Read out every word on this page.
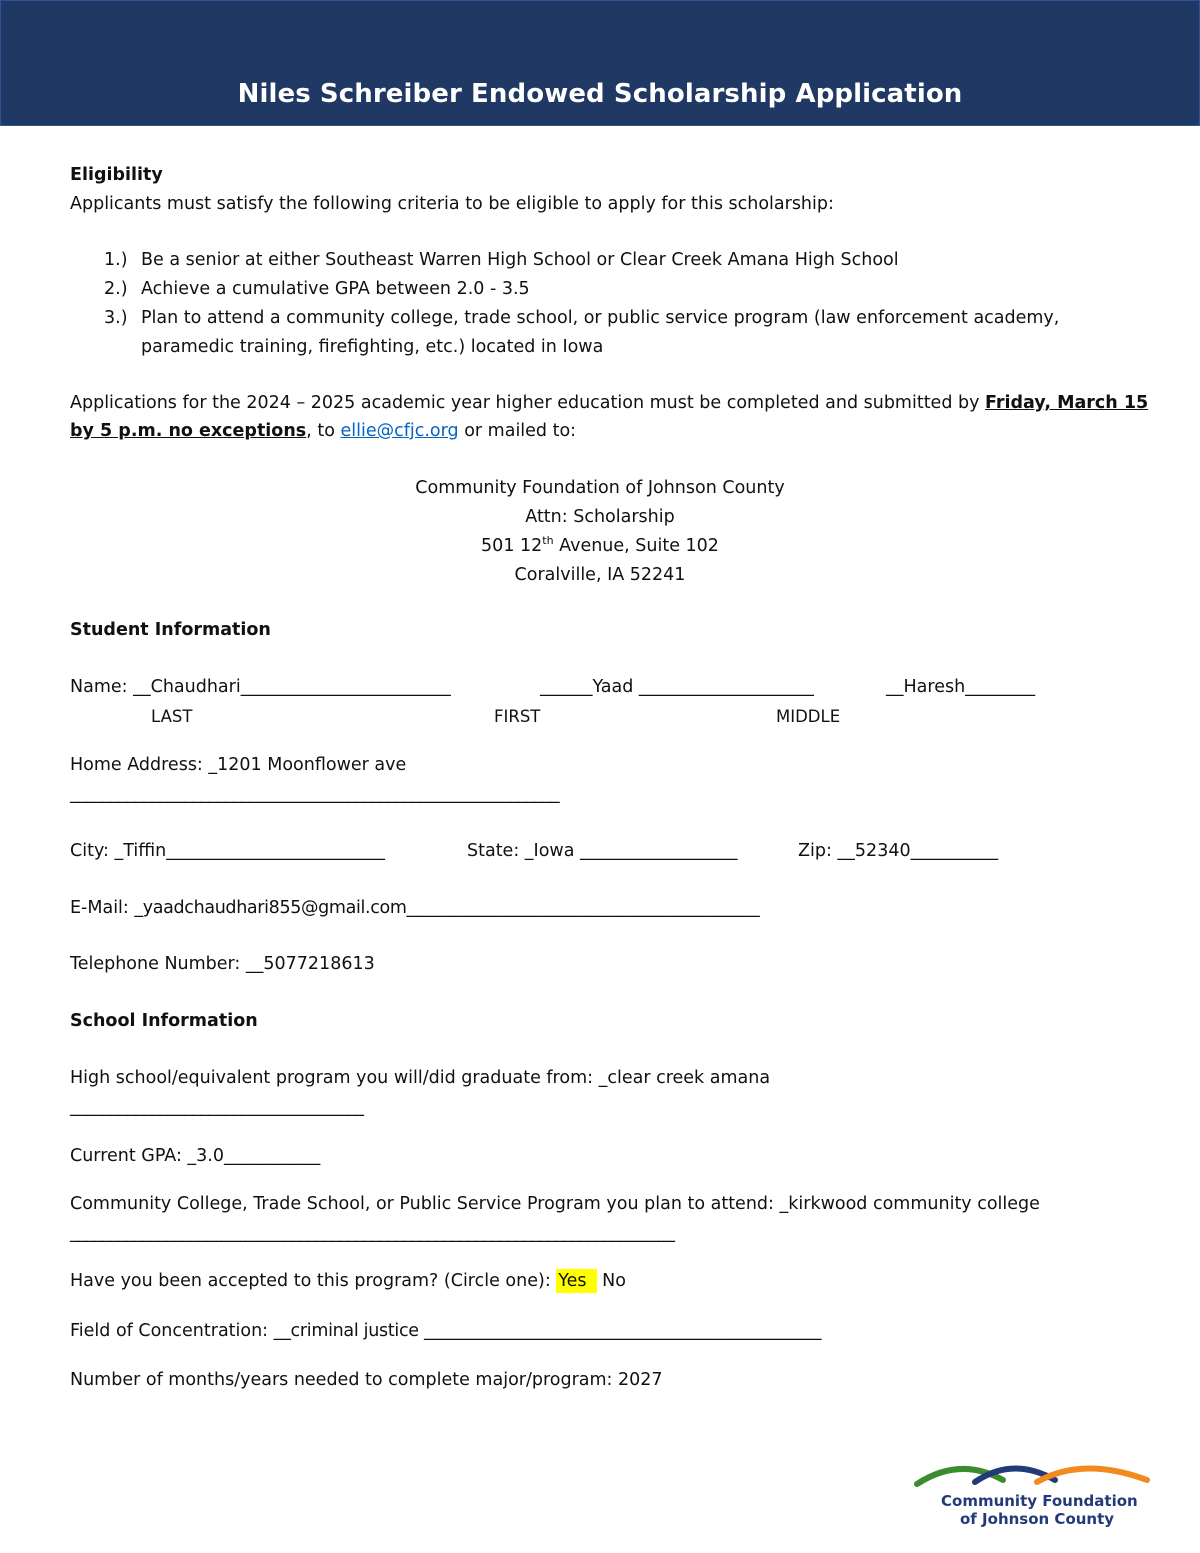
Niles Schreiber Endowed Scholarship Application
Eligibility
Applicants must satisfy the following criteria to be eligible to apply for this scholarship:
1.) Be a senior at either Southeast Warren High School or Clear Creek Amana High School
2.) Achieve a cumulative GPA between 2.0 - 3.5
3.) Plan to attend a community college, trade school, or public service program (law enforcement academy,
paramedic training, firefighting, etc.) located in Iowa
Applications for the 2024 – 2025 academic year higher education must be completed and submitted by Friday, March 15
by 5 p.m. no exceptions, to ellie@cfjc.org or mailed to:
Community Foundation of Johnson County
Attn: Scholarship
501 12th Avenue, Suite 102
Coralville, IA 52241
Student Information
Name: __Chaudhari________________________	______Yaad ____________________	__Haresh________
LAST	FIRST	MIDDLE
Home Address: _1201 Moonflower ave
____________________________________________________________
City: _Tiffin_________________________	State: _Iowa __________________	Zip: __52340__________
E-Mail: _yaadchaudhari855@gmail.com__________________________________________
Telephone Number: __5077218613
School Information
High school/equivalent program you will/did graduate from: _clear creek amana
____________________________________
Current GPA: _3.0___________
Community College, Trade School, or Public Service Program you plan to attend: _kirkwood community college
____________________________________________________________________________
Have you been accepted to this program? (Circle one): Yes No
Field of Concentration: __criminal justice _______________________________________________
Number of months/years needed to complete major/program: 2027
Community Foundation
of Johnson County
